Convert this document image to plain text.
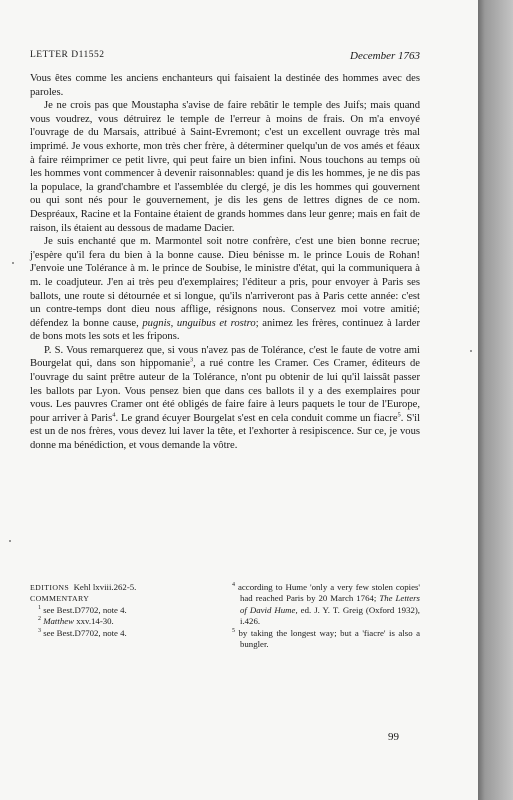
LETTER D11552	December 1763

Vous êtes comme les anciens enchanteurs qui faisaient la destinée des hommes avec des paroles.

Je ne crois pas que Moustapha s'avise de faire rebâtir le temple des Juifs; mais quand vous voudrez, vous détruirez le temple de l'erreur à moins de frais. On m'a envoyé l'ouvrage de du Marsais, attribué à Saint-Evremont; c'est un excellent ouvrage très mal imprimé. Je vous exhorte, mon très cher frère, à déterminer quelqu'un de vos amés et féaux à faire réimprimer ce petit livre, qui peut faire un bien infini. Nous touchons au temps où les hommes vont commencer à devenir raisonnables: quand je dis les hommes, je ne dis pas la populace, la grand'chambre et l'assemblée du clergé, je dis les hommes qui gouvernent ou qui sont nés pour le gouvernement, je dis les gens de lettres dignes de ce nom. Despréaux, Racine et la Fontaine étaient de grands hommes dans leur genre; mais en fait de raison, ils étaient au dessous de madame Dacier.

Je suis enchanté que m. Marmontel soit notre confrère, c'est une bien bonne recrue; j'espère qu'il fera du bien à la bonne cause. Dieu bénisse m. le prince Louis de Rohan! J'envoie une Tolérance à m. le prince de Soubise, le ministre d'état, qui la communiquera à m. le coadjuteur. J'en ai très peu d'exemplaires; l'éditeur a pris, pour envoyer à Paris ses ballots, une route si détournée et si longue, qu'ils n'arriveront pas à Paris cette année: c'est un contre-temps dont dieu nous afflige, résignons nous. Conservez moi votre amitié; défendez la bonne cause, pugnis, unguibus et rostro; animez les frères, continuez à larder de bons mots les sots et les fripons.

P. S. Vous remarquerez que, si vous n'avez pas de Tolérance, c'est le faute de votre ami Bourgelat qui, dans son hippomanie$^3$, a rué contre les Cramer. Ces Cramer, éditeurs de l'ouvrage du saint prêtre auteur de la Tolérance, n'ont pu obtenir de lui qu'il laissât passer les ballots par Lyon. Vous pensez bien que dans ces ballots il y a des exemplaires pour vous. Les pauvres Cramer ont été obligés de faire faire à leurs paquets le tour de l'Europe, pour arriver à Paris$^4$. Le grand écuyer Bourgelat s'est en cela conduit comme un fiacre$^5$. S'il est un de nos frères, vous devez lui laver la tête, et l'exhorter à resipiscence. Sur ce, je vous donne ma bénédiction, et vous demande la vôtre.

EDITIONS Kehl lxviii.262-5.
COMMENTARY
$^1$ see Best.D7702, note 4.
$^2$ Matthew xxv.14-30.
$^3$ see Best.D7702, note 4.
$^4$ according to Hume 'only a very few stolen copies' had reached Paris by 20 March 1764; The Letters of David Hume, ed. J. Y. T. Greig (Oxford 1932), i.426.
$^5$ by taking the longest way; but a 'fiacre' is also a bungler.
99
